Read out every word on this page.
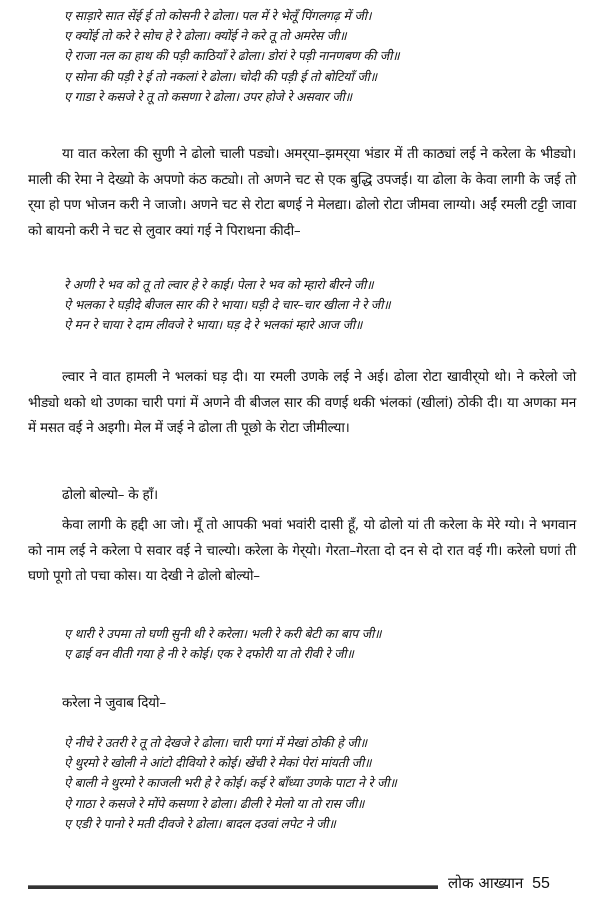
ए साड़ारे सात सेंई ई तो कोसनी रे ढोला। पल में रे भेलूँ पिंगलगढ़ में जी।
ए क्योंई तो करे रे सोच हे रे ढोला। क्योंई ने करे तू तो अमरेस जी॥
ऐ राजा नल का हाथ की पड़ी काठियाँ रे ढोला। डोरां रे पड़ी नानणबण की जी॥
ए सोना की पड़ी रे ई तो नकलां रे ढोला। चोदी की पड़ी ई तो बोटियाँ जी॥
ए गाडा रे कसजे रे तू तो कसणा रे ढोला। उपर होजे रे असवार जी॥

या वात करेला की सुणी ने ढोलो चाली पड्यो। अमर्‌या–झमर्‌या भंडार में ती काठ्यां लई ने करेला के भीड्यो। माली की रेमा ने देख्यो के अपणो कंठ कट्यो। तो अणने चट से एक बुद्धि उपजई। या ढोला के केवा लागी के जई तो र्‌या हो पण भोजन करी ने जाजो। अणने चट से रोटा बणई ने मेलद्या। ढोलो रोटा जीमवा लाग्यो। अईं रमली टट्टी जावा को बायनो करी ने चट से लुवार क्यां गई ने पिराथना कीदी–

रे अणी रे भव को तू तो ल्वार हे रे काई। पेला रे भव को म्हारो बीरने जी॥
ऐ भलका रे घड़ीदे बीजल सार की रे भाया। घड़ी दे चार–चार खीला ने रे जी॥
ऐ मन रे चाया रे दाम लीवजे रे भाया। घड़ दे रे भलकां म्हारे आज जी॥

ल्वार ने वात हामली ने भलकां घड़ दी। या रमली उणके लई ने अई। ढोला रोटा खावीर्‌यो थो। ने करेलो जो भीड्यो थको थो उणका चारी पगां में अणने वी बीजल सार की वणई थकी भंलकां (खीलां) ठोकी दी। या अणका मन में मसत वई ने अइगी। मेल में जई ने ढोला ती पूछो के रोटा जीमील्या।

ढोलो बोल्यो– के हाँ।

केवा लागी के हद्दी आ जो। मूँ तो आपकी भवां भवांरी दासी हूँ, यो ढोलो यां ती करेला के मेरे ग्यो। ने भगवान को नाम लई ने करेला पे सवार वई ने चाल्यो। करेला के गेर्‌यो। गेरता–गेरता दो दन से दो रात वई गी। करेलो घणां ती घणो पूगो तो पचा कोस। या देखी ने ढोलो बोल्यो–

ए थारी रे उपमा तो घणी सुनी थी रे करेला। भली रे करी बेटी का बाप जी॥
ए ढाई वन वीती गया हे नी रे कोई। एक रे दफोरी या तो रीवी रे जी॥
करेला ने जुवाब दियो–
ऐ नीचे रे उतरी रे तू तो देखजे रे ढोला। चारी पगां में मेखां ठोकी हे जी॥
ऐ थुरमो रे खोली ने आंटो दीवियो रे कोई। खेंची रे मेकां पेरां मांयती जी॥
ऐ बाली ने थुरमो रे काजली भरी हे रे कोई। कई रे बाँध्या उणके पाटा ने रे जी॥
ऐ गाठा रे कसजे रे मोंपे कसणा रे ढोला। ढीली रे मेलो या तो रास जी॥
ए एडी रे पानो रे मती दीवजे रे ढोला। बादल दउवां लपेट ने जी॥
लोक आख्यान 55
